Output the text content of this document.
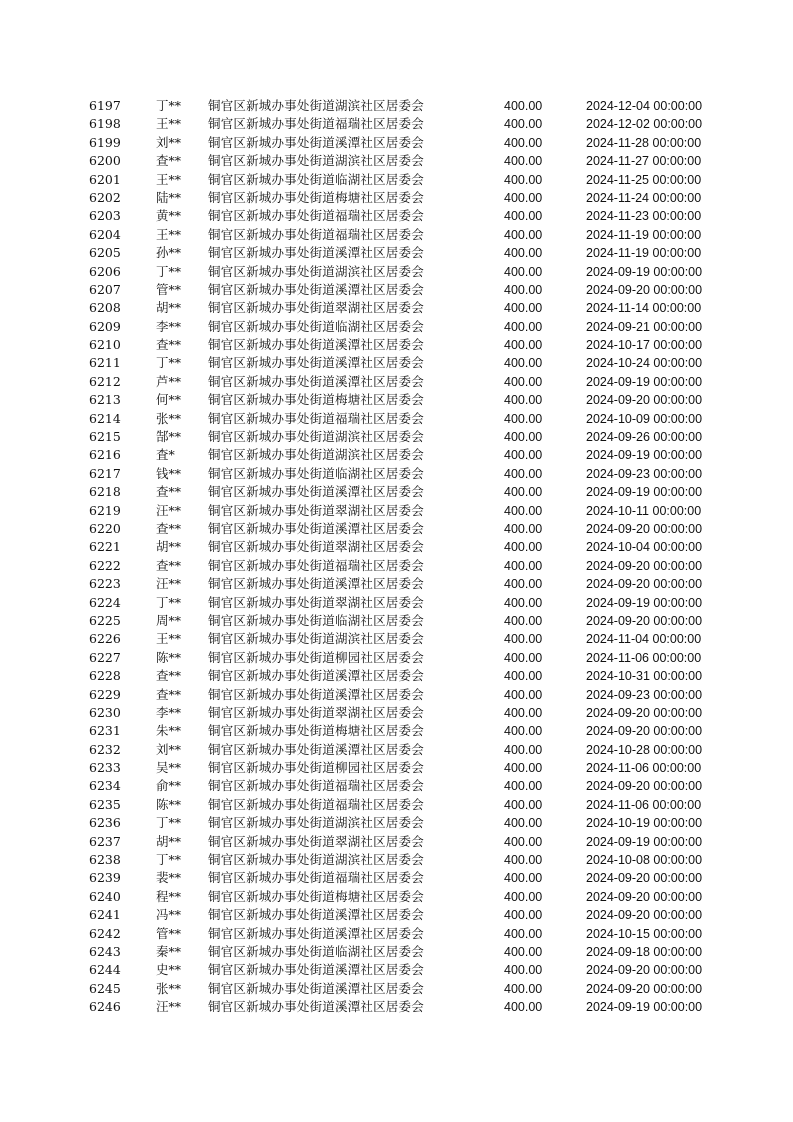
6197	丁**	铜官区新城办事处街道湖滨社区居委会	400.00	2024-12-04 00:00:00
6198	王**	铜官区新城办事处街道福瑞社区居委会	400.00	2024-12-02 00:00:00
6199	刘**	铜官区新城办事处街道溪潭社区居委会	400.00	2024-11-28 00:00:00
6200	查**	铜官区新城办事处街道湖滨社区居委会	400.00	2024-11-27 00:00:00
6201	王**	铜官区新城办事处街道临湖社区居委会	400.00	2024-11-25 00:00:00
6202	陆**	铜官区新城办事处街道梅塘社区居委会	400.00	2024-11-24 00:00:00
6203	黄**	铜官区新城办事处街道福瑞社区居委会	400.00	2024-11-23 00:00:00
6204	王**	铜官区新城办事处街道福瑞社区居委会	400.00	2024-11-19 00:00:00
6205	孙**	铜官区新城办事处街道溪潭社区居委会	400.00	2024-11-19 00:00:00
6206	丁**	铜官区新城办事处街道湖滨社区居委会	400.00	2024-09-19 00:00:00
6207	管**	铜官区新城办事处街道溪潭社区居委会	400.00	2024-09-20 00:00:00
6208	胡**	铜官区新城办事处街道翠湖社区居委会	400.00	2024-11-14 00:00:00
6209	李**	铜官区新城办事处街道临湖社区居委会	400.00	2024-09-21 00:00:00
6210	查**	铜官区新城办事处街道溪潭社区居委会	400.00	2024-10-17 00:00:00
6211	丁**	铜官区新城办事处街道溪潭社区居委会	400.00	2024-10-24 00:00:00
6212	芦**	铜官区新城办事处街道溪潭社区居委会	400.00	2024-09-19 00:00:00
6213	何**	铜官区新城办事处街道梅塘社区居委会	400.00	2024-09-20 00:00:00
6214	张**	铜官区新城办事处街道福瑞社区居委会	400.00	2024-10-09 00:00:00
6215	郜**	铜官区新城办事处街道湖滨社区居委会	400.00	2024-09-26 00:00:00
6216	査*	铜官区新城办事处街道湖滨社区居委会	400.00	2024-09-19 00:00:00
6217	钱**	铜官区新城办事处街道临湖社区居委会	400.00	2024-09-23 00:00:00
6218	查**	铜官区新城办事处街道溪潭社区居委会	400.00	2024-09-19 00:00:00
6219	汪**	铜官区新城办事处街道翠湖社区居委会	400.00	2024-10-11 00:00:00
6220	查**	铜官区新城办事处街道溪潭社区居委会	400.00	2024-09-20 00:00:00
6221	胡**	铜官区新城办事处街道翠湖社区居委会	400.00	2024-10-04 00:00:00
6222	查**	铜官区新城办事处街道福瑞社区居委会	400.00	2024-09-20 00:00:00
6223	汪**	铜官区新城办事处街道溪潭社区居委会	400.00	2024-09-20 00:00:00
6224	丁**	铜官区新城办事处街道翠湖社区居委会	400.00	2024-09-19 00:00:00
6225	周**	铜官区新城办事处街道临湖社区居委会	400.00	2024-09-20 00:00:00
6226	王**	铜官区新城办事处街道湖滨社区居委会	400.00	2024-11-04 00:00:00
6227	陈**	铜官区新城办事处街道柳园社区居委会	400.00	2024-11-06 00:00:00
6228	查**	铜官区新城办事处街道溪潭社区居委会	400.00	2024-10-31 00:00:00
6229	查**	铜官区新城办事处街道溪潭社区居委会	400.00	2024-09-23 00:00:00
6230	李**	铜官区新城办事处街道翠湖社区居委会	400.00	2024-09-20 00:00:00
6231	朱**	铜官区新城办事处街道梅塘社区居委会	400.00	2024-09-20 00:00:00
6232	刘**	铜官区新城办事处街道溪潭社区居委会	400.00	2024-10-28 00:00:00
6233	吴**	铜官区新城办事处街道柳园社区居委会	400.00	2024-11-06 00:00:00
6234	俞**	铜官区新城办事处街道福瑞社区居委会	400.00	2024-09-20 00:00:00
6235	陈**	铜官区新城办事处街道福瑞社区居委会	400.00	2024-11-06 00:00:00
6236	丁**	铜官区新城办事处街道湖滨社区居委会	400.00	2024-10-19 00:00:00
6237	胡**	铜官区新城办事处街道翠湖社区居委会	400.00	2024-09-19 00:00:00
6238	丁**	铜官区新城办事处街道湖滨社区居委会	400.00	2024-10-08 00:00:00
6239	裴**	铜官区新城办事处街道福瑞社区居委会	400.00	2024-09-20 00:00:00
6240	程**	铜官区新城办事处街道梅塘社区居委会	400.00	2024-09-20 00:00:00
6241	冯**	铜官区新城办事处街道溪潭社区居委会	400.00	2024-09-20 00:00:00
6242	管**	铜官区新城办事处街道溪潭社区居委会	400.00	2024-10-15 00:00:00
6243	秦**	铜官区新城办事处街道临湖社区居委会	400.00	2024-09-18 00:00:00
6244	史**	铜官区新城办事处街道溪潭社区居委会	400.00	2024-09-20 00:00:00
6245	张**	铜官区新城办事处街道溪潭社区居委会	400.00	2024-09-20 00:00:00
6246	汪**	铜官区新城办事处街道溪潭社区居委会	400.00	2024-09-19 00:00:00
